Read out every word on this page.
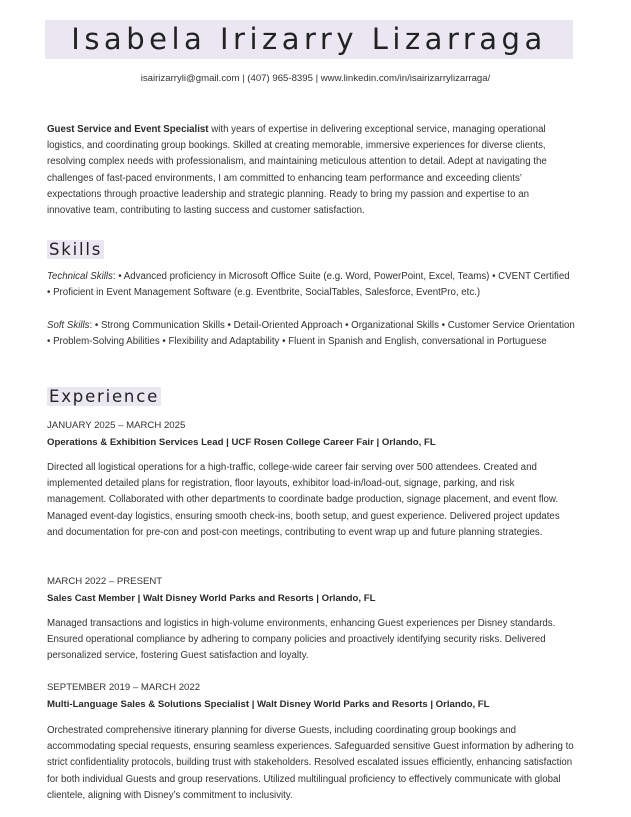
Isabela Irizarry Lizarraga
isairizarryli@gmail.com | (407) 965-8395 | www.linkedin.com/in/isairizarrylizarraga/

Guest Service and Event Specialist with years of expertise in delivering exceptional service, managing operational logistics, and coordinating group bookings. Skilled at creating memorable, immersive experiences for diverse clients, resolving complex needs with professionalism, and maintaining meticulous attention to detail. Adept at navigating the challenges of fast-paced environments, I am committed to enhancing team performance and exceeding clients’ expectations through proactive leadership and strategic planning. Ready to bring my passion and expertise to an innovative team, contributing to lasting success and customer satisfaction.

Skills

Technical Skills: • Advanced proficiency in Microsoft Office Suite (e.g. Word, PowerPoint, Excel, Teams) • CVENT Certified • Proficient in Event Management Software (e.g. Eventbrite, SocialTables, Salesforce, EventPro, etc.)

Soft Skills: • Strong Communication Skills • Detail-Oriented Approach • Organizational Skills • Customer Service Orientation • Problem-Solving Abilities • Flexibility and Adaptability • Fluent in Spanish and English, conversational in Portuguese

Experience
JANUARY 2025 – MARCH 2025
Operations & Exhibition Services Lead | UCF Rosen College Career Fair | Orlando, FL

Directed all logistical operations for a high-traffic, college-wide career fair serving over 500 attendees. Created and implemented detailed plans for registration, floor layouts, exhibitor load-in/load-out, signage, parking, and risk management. Collaborated with other departments to coordinate badge production, signage placement, and event flow. Managed event-day logistics, ensuring smooth check-ins, booth setup, and guest experience. Delivered project updates and documentation for pre-con and post-con meetings, contributing to event wrap up and future planning strategies.

MARCH 2022 – PRESENT
Sales Cast Member | Walt Disney World Parks and Resorts | Orlando, FL

Managed transactions and logistics in high-volume environments, enhancing Guest experiences per Disney standards. Ensured operational compliance by adhering to company policies and proactively identifying security risks. Delivered personalized service, fostering Guest satisfaction and loyalty.

SEPTEMBER 2019 – MARCH 2022
Multi-Language Sales & Solutions Specialist | Walt Disney World Parks and Resorts | Orlando, FL

Orchestrated comprehensive itinerary planning for diverse Guests, including coordinating group bookings and accommodating special requests, ensuring seamless experiences. Safeguarded sensitive Guest information by adhering to strict confidentiality protocols, building trust with stakeholders. Resolved escalated issues efficiently, enhancing satisfaction for both individual Guests and group reservations. Utilized multilingual proficiency to effectively communicate with global clientele, aligning with Disney’s commitment to inclusivity.
